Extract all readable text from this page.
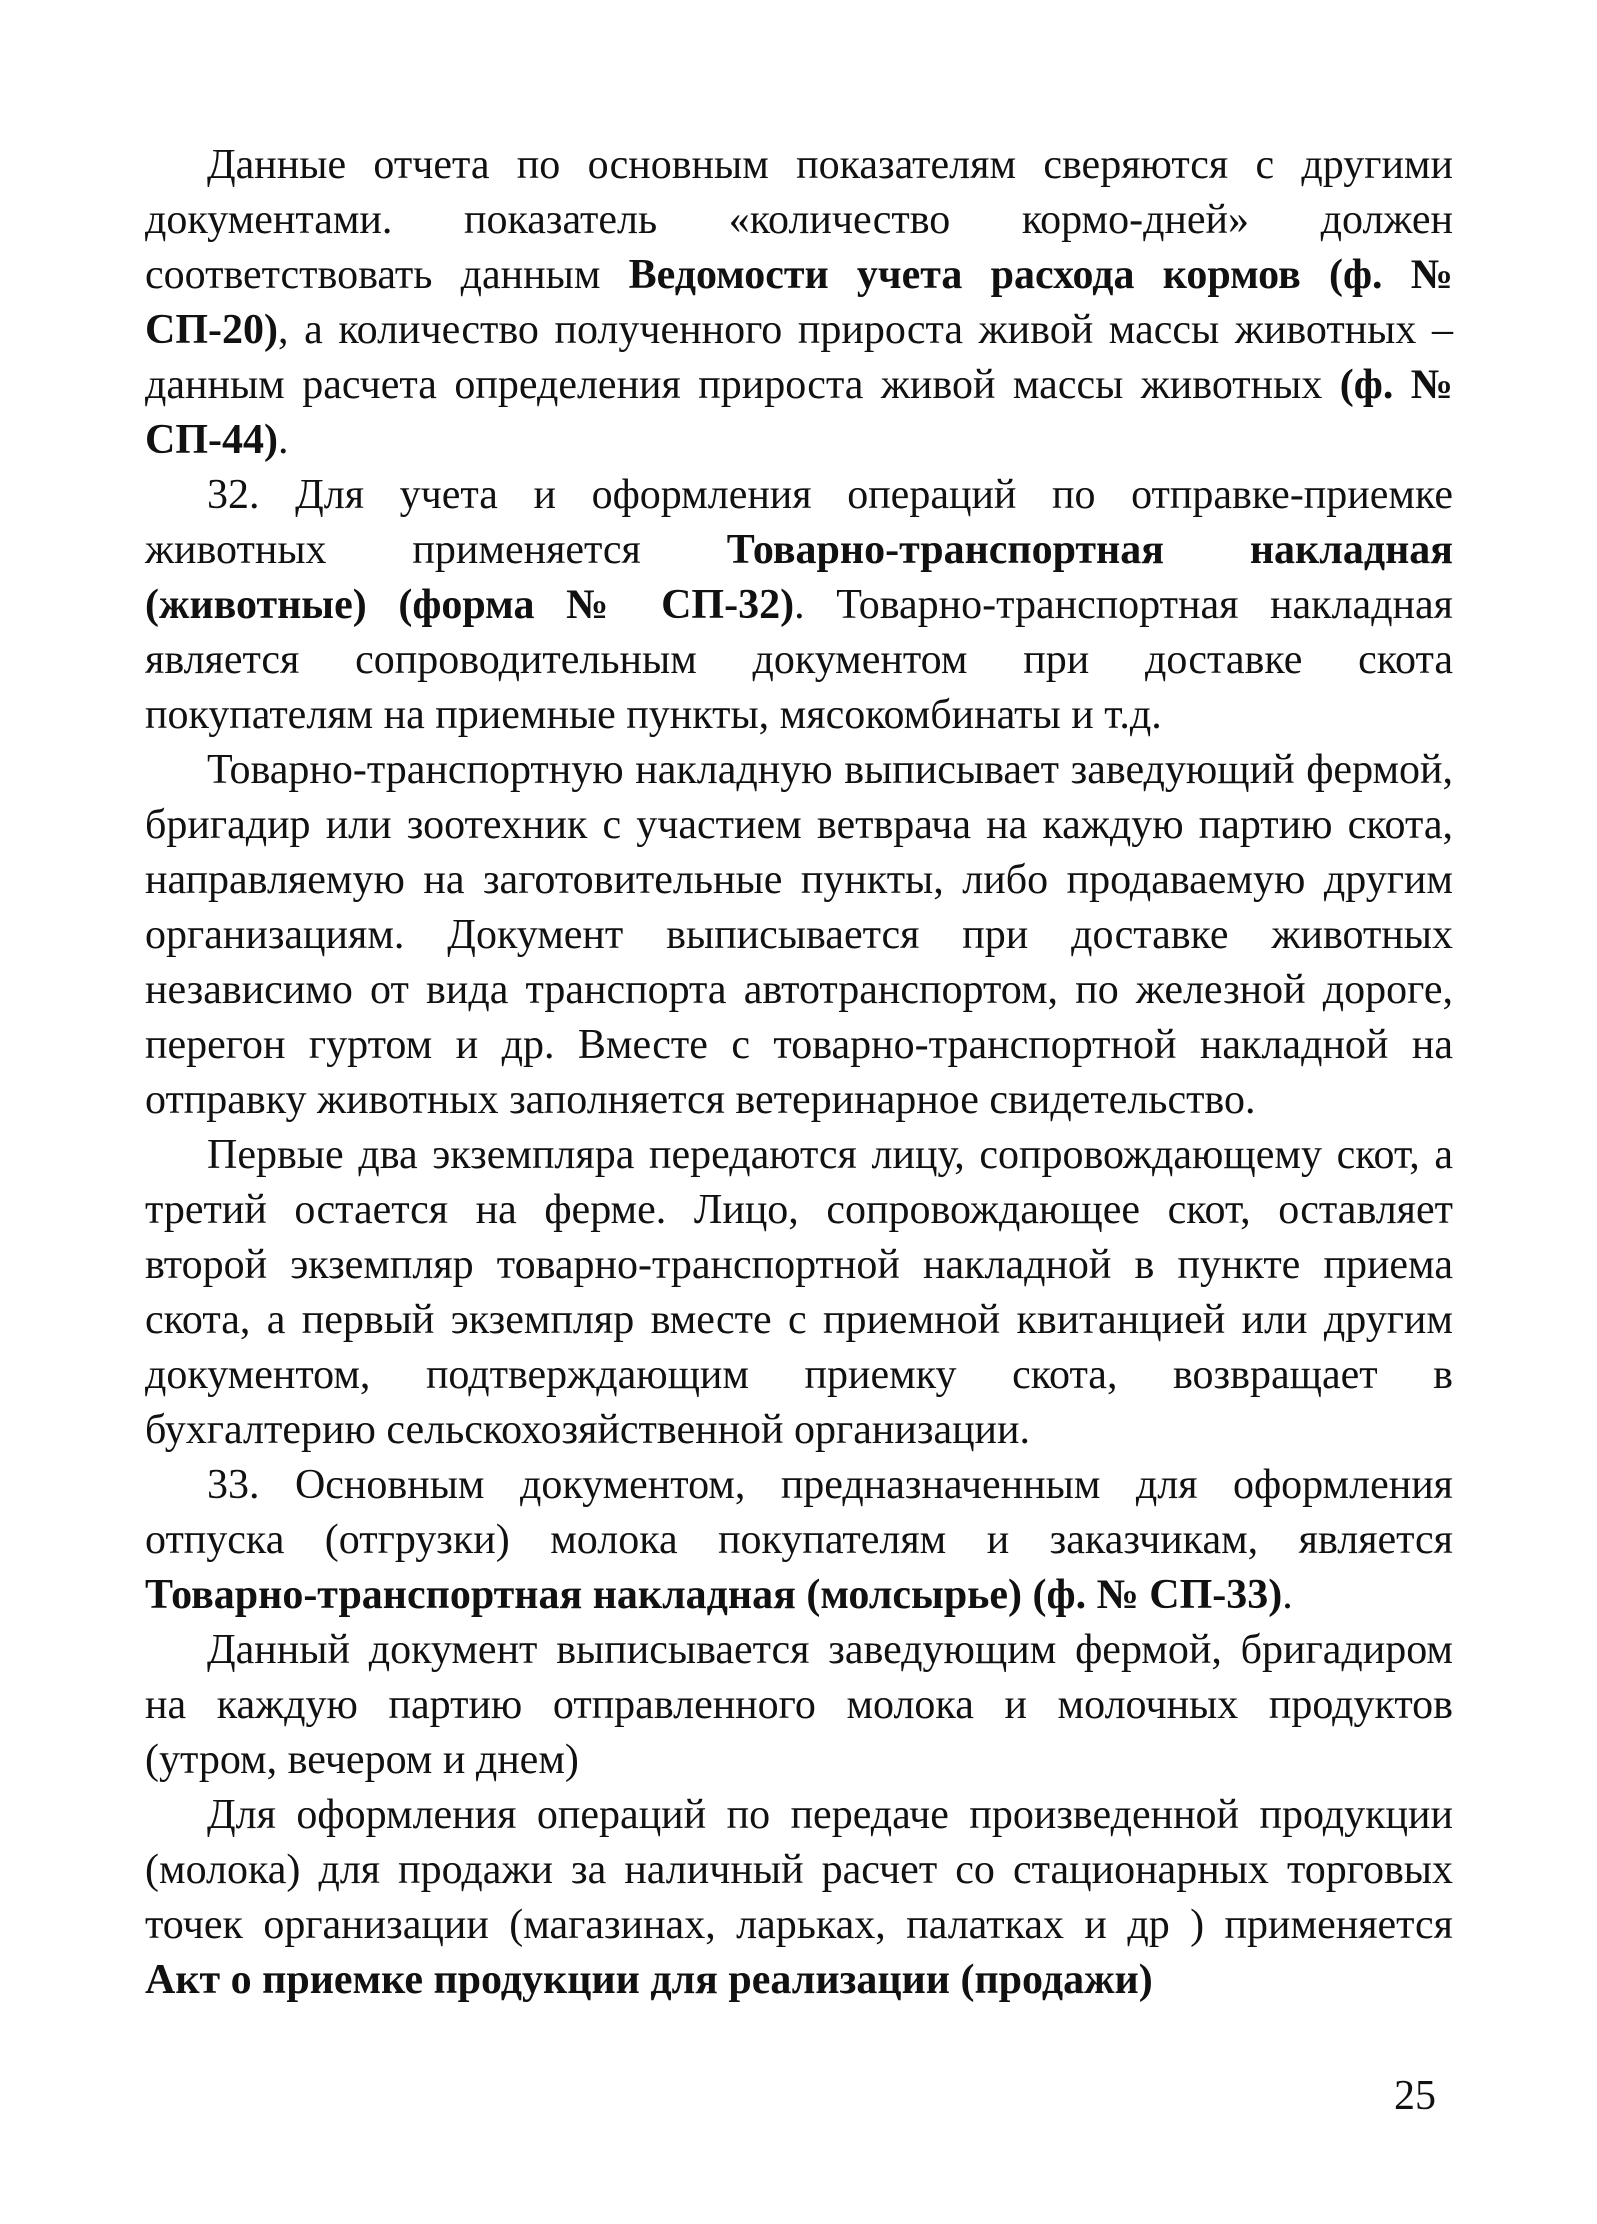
Данные отчета по основным показателям сверяются с другими документами. показатель «количество кормо-дней» должен соответствовать данным Ведомости учета расхода кормов (ф. № СП-20), а количество полученного прироста живой массы животных – данным расчета определения прироста живой массы животных (ф. № СП-44).

32. Для учета и оформления операций по отправке-приемке животных применяется Товарно-транспортная накладная (животные) (форма № СП-32). Товарно-транспортная накладная является сопроводительным документом при доставке скота покупателям на приемные пункты, мясокомбинаты и т.д.

Товарно-транспортную накладную выписывает заведующий фермой, бригадир или зоотехник с участием ветврача на каждую партию скота, направляемую на заготовительные пункты, либо продаваемую другим организациям. Документ выписывается при доставке животных независимо от вида транспорта автотранспортом, по железной дороге, перегон гуртом и др. Вместе с товарно-транспортной накладной на отправку животных заполняется ветеринарное свидетельство.

Первые два экземпляра передаются лицу, сопровождающему скот, а третий остается на ферме. Лицо, сопровождающее скот, оставляет второй экземпляр товарно-транспортной накладной в пункте приема скота, а первый экземпляр вместе с приемной квитанцией или другим документом, подтверждающим приемку скота, возвращает в бухгалтерию сельскохозяйственной организации.

33. Основным документом, предназначенным для оформления отпуска (отгрузки) молока покупателям и заказчикам, является Товарно-транспортная накладная (молсырье) (ф. № СП-33).

Данный документ выписывается заведующим фермой, бригадиром на каждую партию отправленного молока и молочных продуктов (утром, вечером и днем)

Для оформления операций по передаче произведенной продукции (молока) для продажи за наличный расчет со стационарных торговых точек организации (магазинах, ларьках, палатках и др ) применяется Акт о приемке продукции для реализации (продажи)

25
